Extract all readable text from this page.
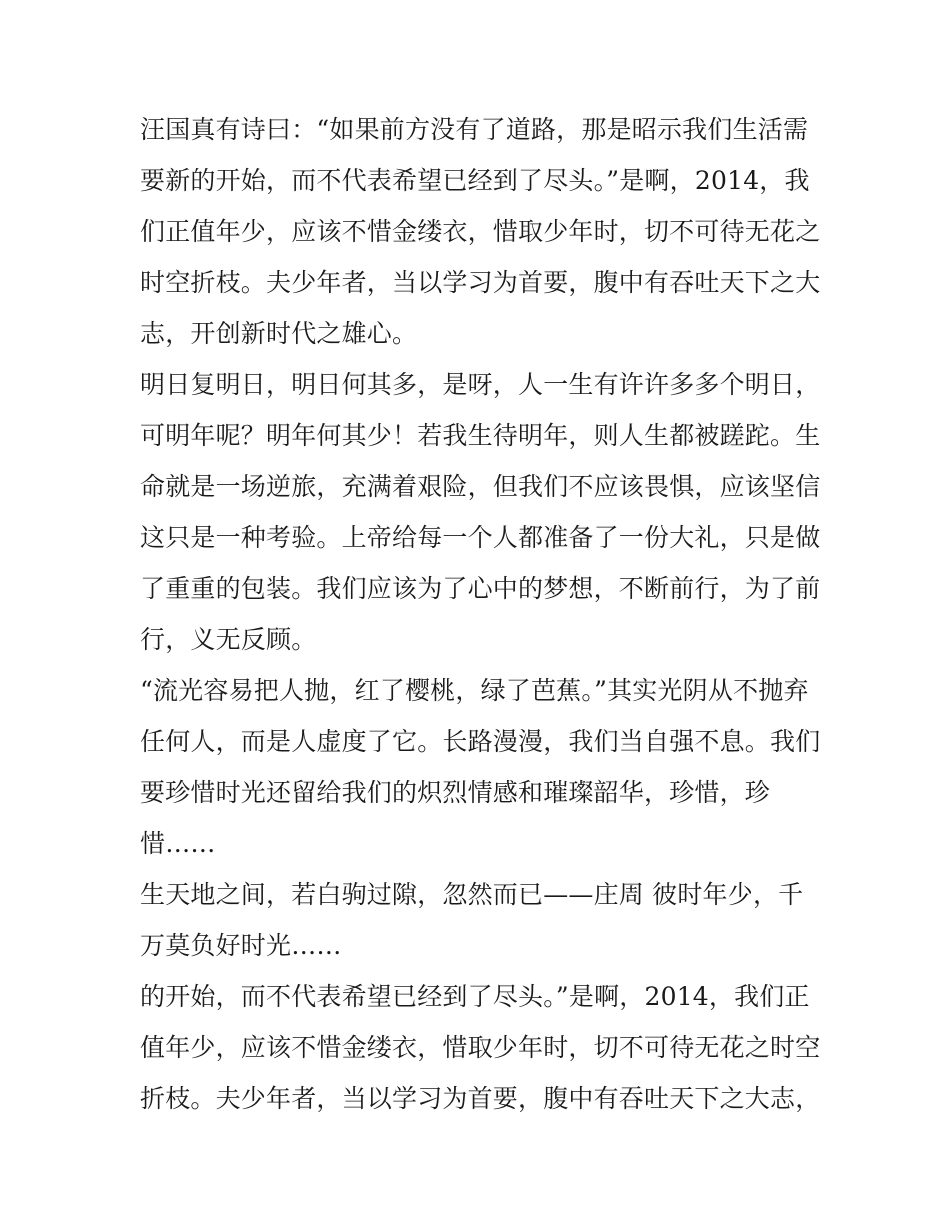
汪国真有诗曰：“如果前方没有了道路，那是昭示我们生活需
要新的开始，而不代表希望已经到了尽头。”是啊，2014，我
们正值年少，应该不惜金缕衣，惜取少年时，切不可待无花之
时空折枝。夫少年者，当以学习为首要，腹中有吞吐天下之大
志，开创新时代之雄心。

明日复明日，明日何其多，是呀，人一生有许许多多个明日，
可明年呢？明年何其少！若我生待明年，则人生都被蹉跎。生
命就是一场逆旅，充满着艰险，但我们不应该畏惧，应该坚信
这只是一种考验。上帝给每一个人都准备了一份大礼，只是做
了重重的包装。我们应该为了心中的梦想，不断前行，为了前
行，义无反顾。

“流光容易把人抛，红了樱桃，绿了芭蕉。”其实光阴从不抛弃
任何人，而是人虚度了它。长路漫漫，我们当自强不息。我们
要珍惜时光还留给我们的炽烈情感和璀璨韶华，珍惜，珍
惜……

生天地之间，若白驹过隙，忽然而已——庄周 彼时年少，千
万莫负好时光……

的开始，而不代表希望已经到了尽头。”是啊，2014，我们正
值年少，应该不惜金缕衣，惜取少年时，切不可待无花之时空
折枝。夫少年者，当以学习为首要，腹中有吞吐天下之大志，
